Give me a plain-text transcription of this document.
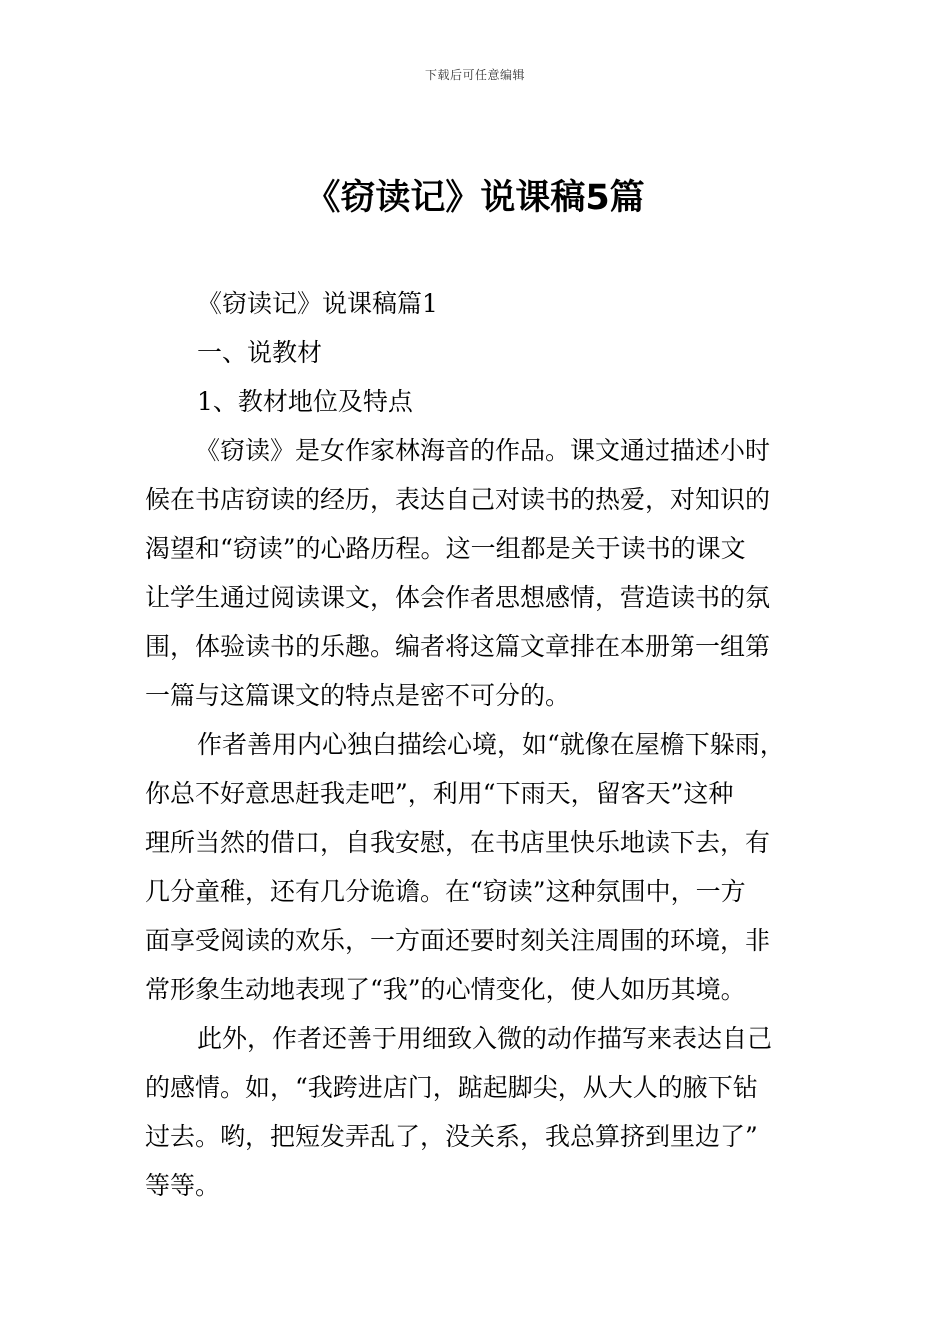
下载后可任意编辑
《窃读记》说课稿5篇
《窃读记》说课稿篇1
一、说教材
1、教材地位及特点
《窃读》是女作家林海音的作品。课文通过描述小时
候在书店窃读的经历，表达自己对读书的热爱，对知识的
渴望和“窃读”的心路历程。这一组都是关于读书的课文
让学生通过阅读课文，体会作者思想感情，营造读书的氛
围，体验读书的乐趣。编者将这篇文章排在本册第一组第
一篇与这篇课文的特点是密不可分的。
作者善用内心独白描绘心境，如“就像在屋檐下躲雨，
你总不好意思赶我走吧”，利用“下雨天，留客天”这种
理所当然的借口，自我安慰，在书店里快乐地读下去，有
几分童稚，还有几分诡谵。在“窃读”这种氛围中，一方
面享受阅读的欢乐，一方面还要时刻关注周围的环境，非
常形象生动地表现了“我”的心情变化，使人如历其境。
此外，作者还善于用细致入微的动作描写来表达自己
的感情。如，“我跨进店门，踮起脚尖，从大人的腋下钻
过去。哟，把短发弄乱了，没关系，我总算挤到里边了”
等等。
